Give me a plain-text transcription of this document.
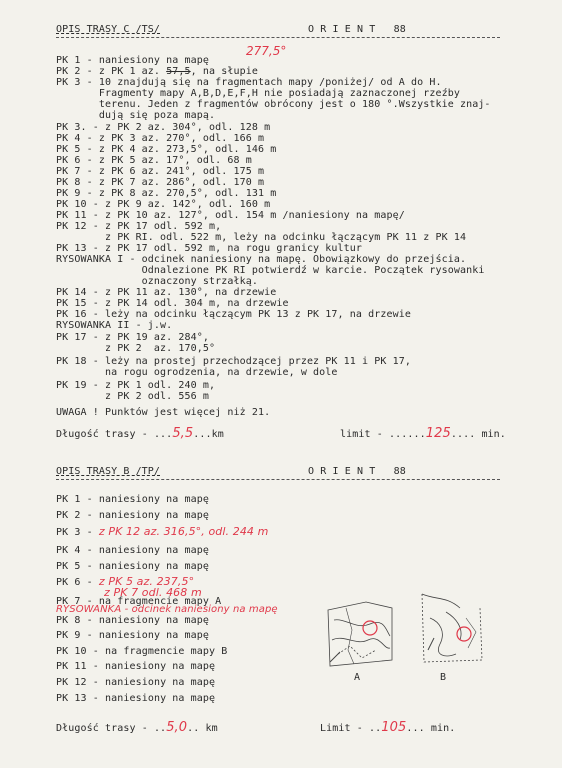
OPIS TRASY C /TS/	O R I E N T   88
PK 1 - naniesiony na mapę
277,5°
PK 2 - z PK 1 az. 57,5, na słupie
PK 3 - 10 znajdują się na fragmentach mapy /poniżej/ od A do H.
Fragmenty mapy A,B,D,E,F,H nie posiadają zaznaczonej rzeźby
terenu. Jeden z fragmentów obrócony jest o 180 °.Wszystkie znaj-
dują się poza mapą.
PK 3. - z PK 2 az. 304°, odl. 128 m
PK 4 - z PK 3 az. 270°, odl. 166 m
PK 5 - z PK 4 az. 273,5°, odl. 146 m
PK 6 - z PK 5 az. 17°, odl. 68 m
PK 7 - z PK 6 az. 241°, odl. 175 m
PK 8 - z PK 7 az. 286°, odl. 170 m
PK 9 - z PK 8 az. 270,5°, odl. 131 m
PK 10 - z PK 9 az. 142°, odl. 160 m
PK 11 - z PK 10 az. 127°, odl. 154 m /naniesiony na mapę/
PK 12 - z PK 17 odl. 592 m,
z PK RI. odl. 522 m, leży na odcinku łączącym PK 11 z PK 14
PK 13 - z PK 17 odl. 592 m, na rogu granicy kultur
RYSOWANKA I - odcinek naniesiony na mapę. Obowiązkowy do przejścia.
Odnalezione PK RI potwierdź w karcie. Początek rysowanki
oznaczony strzałką.
PK 14 - z PK 11 az. 130°, na drzewie
PK 15 - z PK 14 odl. 304 m, na drzewie
PK 16 - leży na odcinku łączącym PK 13 z PK 17, na drzewie
RYSOWANKA II - j.w.
PK 17 - z PK 19 az. 284°,
z PK 2  az. 170,5°
PK 18 - leży na prostej przechodzącej przez PK 11 i PK 17,
na rogu ogrodzenia, na drzewie, w dole
PK 19 - z PK 1 odl. 240 m,
z PK 2 odl. 556 m
UWAGA ! Punktów jest więcej niż 21.
Długość trasy - ...5,5...km	limit - ......125.... min.
OPIS TRASY B /TP/	O R I E N T   88
PK 1 - naniesiony na mapę
PK 2 - naniesiony na mapę
PK 3 - z PK 12 az. 316,5°, odl. 244 m
PK 4 - naniesiony na mapę
PK 5 - naniesiony na mapę
PK 6 - z PK 5 az. 237,5°
z PK 7 odl. 468 m
PK 7 - na fragmencie mapy A
RYSOWANKA - odcinek naniesiony na mapę
PK 8 - naniesiony na mapę
PK 9 - naniesiony na mapę
PK 10 - na fragmencie mapy B
PK 11 - naniesiony na mapę
PK 12 - naniesiony na mapę
PK 13 - naniesiony na mapę
A	B
Długość trasy - ..5,0.. km	Limit - ..105... min.
